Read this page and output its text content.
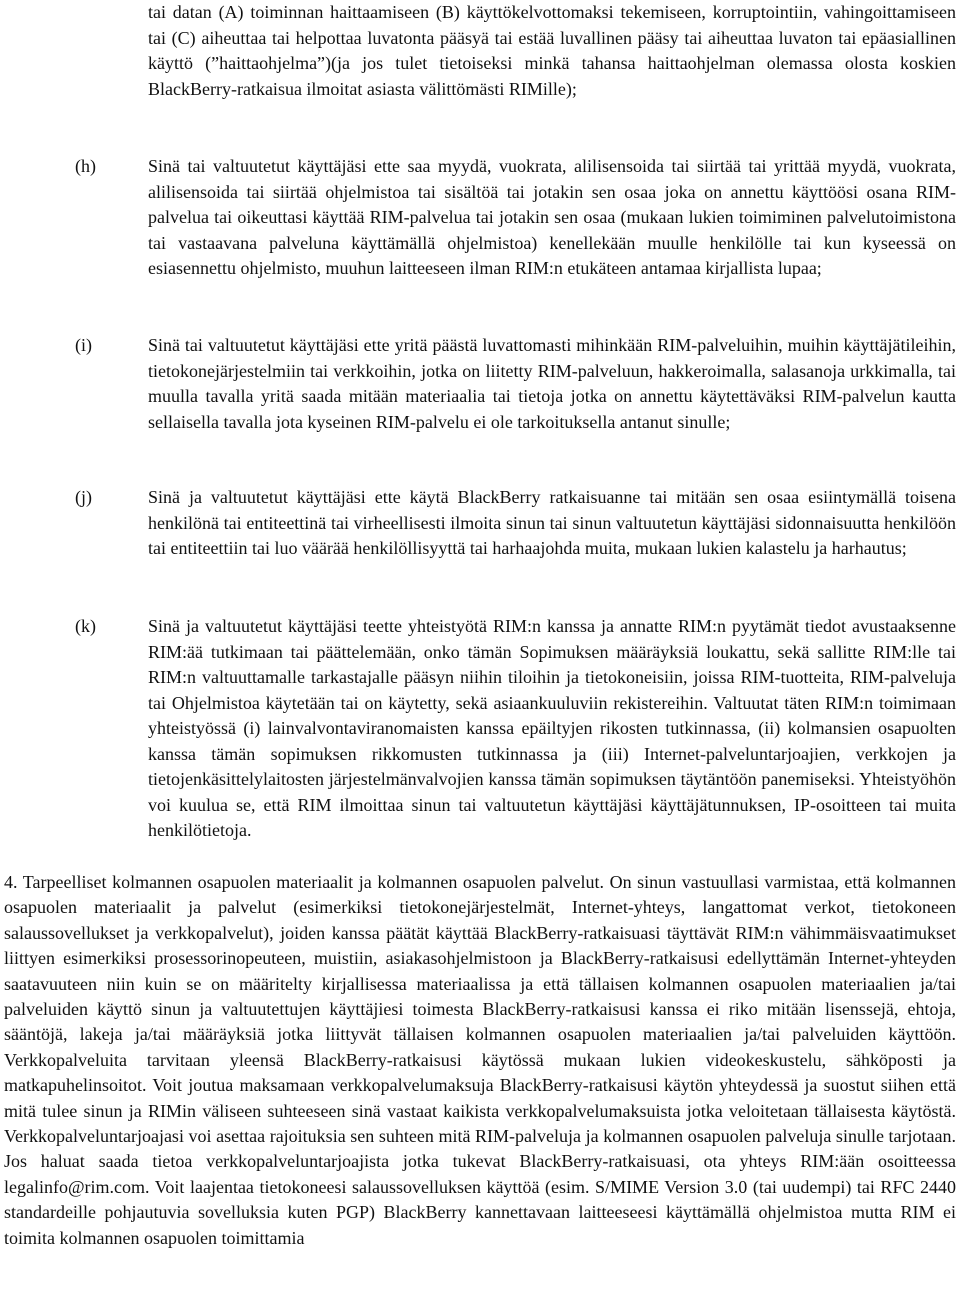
tai datan (A) toiminnan haittaamiseen (B) käyttökelvottomaksi tekemiseen, korruptointiin, vahingoittamiseen tai (C) aiheuttaa tai helpottaa luvatonta pääsyä tai estää luvallinen pääsy tai aiheuttaa luvaton tai epäasiallinen käyttö (”haittaohjelma”)(ja jos tulet tietoiseksi minkä tahansa haittaohjelman olemassa olosta koskien BlackBerry-ratkaisua ilmoitat asiasta välittömästi RIMille);
(h)	Sinä tai valtuutetut käyttäjäsi ette saa myydä, vuokrata, alilisensoida tai siirtää tai yrittää myydä, vuokrata, alilisensoida tai siirtää ohjelmistoa tai sisältöä tai jotakin sen osaa joka on annettu käyttöösi osana RIM-palvelua tai oikeuttasi käyttää RIM-palvelua tai jotakin sen osaa (mukaan lukien toimiminen palvelutoimistona tai vastaavana palveluna käyttämällä ohjelmistoa) kenellekään muulle henkilölle tai kun kyseessä on esiasennettu ohjelmisto, muuhun laitteeseen ilman RIM:n etukäteen antamaa kirjallista lupaa;
(i)	Sinä tai valtuutetut käyttäjäsi ette yritä päästä luvattomasti mihinkään RIM-palveluihin, muihin käyttäjätileihin, tietokonejärjestelmiin tai verkkoihin, jotka on liitetty RIM-palveluun, hakkeroimalla, salasanoja urkkimalla, tai muulla tavalla yritä saada mitään materiaalia tai tietoja jotka on annettu käytettäväksi RIM-palvelun kautta sellaisella tavalla jota kyseinen RIM-palvelu ei ole tarkoituksella antanut sinulle;
(j)	Sinä ja valtuutetut käyttäjäsi ette käytä BlackBerry ratkaisuanne tai mitään sen osaa esiintymällä toisena henkilönä tai entiteettinä tai virheellisesti ilmoita sinun tai sinun valtuutetun käyttäjäsi sidonnaisuutta henkilöön tai entiteettiin tai luo väärää henkilöllisyyttä tai harhaajohda muita, mukaan lukien kalastelu ja harhautus;
(k)	Sinä ja valtuutetut käyttäjäsi teette yhteistyötä RIM:n kanssa ja annatte RIM:n pyytämät tiedot avustaaksenne RIM:ää tutkimaan tai päättelemään, onko tämän Sopimuksen määräyksiä loukattu, sekä sallitte RIM:lle tai RIM:n valtuuttamalle tarkastajalle pääsyn niihin tiloihin ja tietokoneisiin, joissa RIM-tuotteita, RIM-palveluja tai Ohjelmistoa käytetään tai on käytetty, sekä asiaankuuluviin rekistereihin. Valtuutat täten RIM:n toimimaan yhteistyössä (i) lainvalvontaviranomaisten kanssa epäiltyjen rikosten tutkinnassa, (ii) kolmansien osapuolten kanssa tämän sopimuksen rikkomusten tutkinnassa ja (iii) Internet-palveluntarjoajien, verkkojen ja tietojenkäsittelylaitosten järjestelmänvalvojien kanssa tämän sopimuksen täytäntöön panemiseksi. Yhteistyöhön voi kuulua se, että RIM ilmoittaa sinun tai valtuutetun käyttäjäsi käyttäjätunnuksen, IP-osoitteen tai muita henkilötietoja.
4. Tarpeelliset kolmannen osapuolen materiaalit ja kolmannen osapuolen palvelut. On sinun vastuullasi varmistaa, että kolmannen osapuolen materiaalit ja palvelut (esimerkiksi tietokonejärjestelmät, Internet-yhteys, langattomat verkot, tietokoneen salaussovellukset ja verkkopalvelut), joiden kanssa päätät käyttää BlackBerry-ratkaisuasi täyttävät RIM:n vähimmäisvaatimukset liittyen esimerkiksi prosessorinopeuteen, muistiin, asiakasohjelmistoon ja BlackBerry-ratkaisusi edellyttämän Internet-yhteyden saatavuuteen niin kuin se on määritelty kirjallisessa materiaalissa ja että tällaisen kolmannen osapuolen materiaalien ja/tai palveluiden käyttö sinun ja valtuutettujen käyttäjiesi toimesta BlackBerry-ratkaisusi kanssa ei riko mitään lisenssejä, ehtoja, sääntöjä, lakeja ja/tai määräyksiä jotka liittyvät tällaisen kolmannen osapuolen materiaalien ja/tai palveluiden käyttöön. Verkkopalveluita tarvitaan yleensä BlackBerry-ratkaisusi käytössä mukaan lukien videokeskustelu, sähköposti ja matkapuhelinsoitot. Voit joutua maksamaan verkkopalvelumaksuja BlackBerry-ratkaisusi käytön yhteydessä ja suostut siihen että mitä tulee sinun ja RIMin väliseen suhteeseen sinä vastaat kaikista verkkopalvelumaksuista jotka veloitetaan tällaisesta käytöstä. Verkkopalveluntarjoajasi voi asettaa rajoituksia sen suhteen mitä RIM-palveluja ja kolmannen osapuolen palveluja sinulle tarjotaan. Jos haluat saada tietoa verkkopalveluntarjoajista jotka tukevat BlackBerry-ratkaisuasi, ota yhteys RIM:ään osoitteessa legalinfo@rim.com. Voit laajentaa tietokoneesi salaussovelluksen käyttöä (esim. S/MIME Version 3.0 (tai uudempi) tai RFC 2440 standardeille pohjautuvia sovelluksia kuten PGP) BlackBerry kannettavaan laitteeseesi käyttämällä ohjelmistoa mutta RIM ei toimita kolmannen osapuolen toimittamia
